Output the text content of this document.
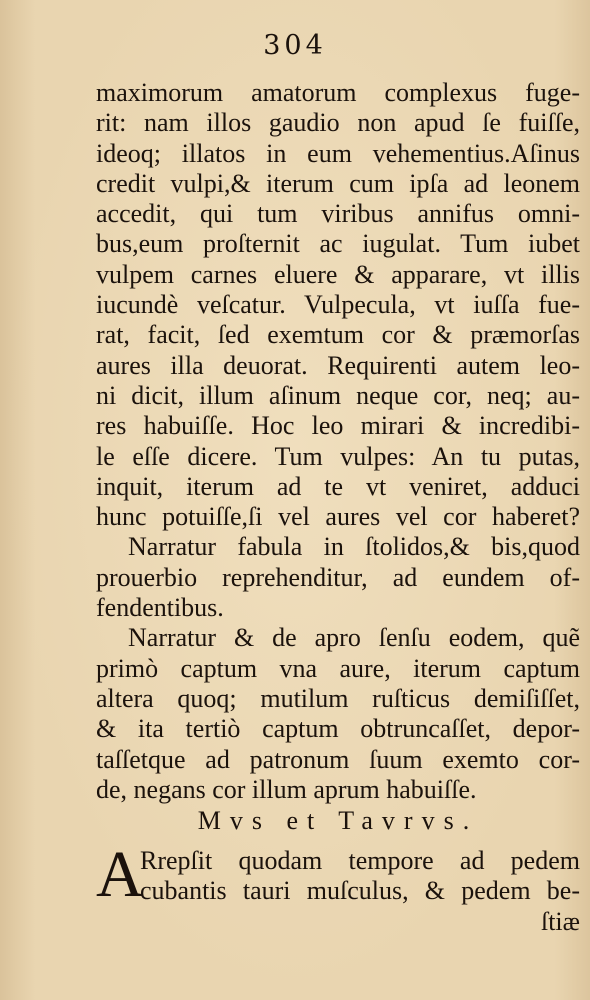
304
maximorum amatorum complexus fuge-
rit: nam illos gaudio non apud ſe fuiſſe,
ideoq; illatos in eum vehementius.Aſinus
credit vulpi,& iterum cum ipſa ad leonem
accedit, qui tum viribus annifus omni-
bus,eum proſternit ac iugulat. Tum iubet
vulpem carnes eluere & apparare, vt illis
iucundè veſcatur. Vulpecula, vt iuſſa fue-
rat, facit, ſed exemtum cor & præmorſas
aures illa deuorat. Requirenti autem leo-
ni dicit, illum aſinum neque cor, neq; au-
res habuiſſe. Hoc leo mirari & incredibi-
le eſſe dicere. Tum vulpes: An tu putas,
inquit, iterum ad te vt veniret, adduci
hunc potuiſſe,ſi vel aures vel cor haberet?
Narratur fabula in ſtolidos,& bis,quod
prouerbio reprehenditur, ad eundem of-
fendentibus.
Narratur & de apro ſenſu eodem, quẽ
primò captum vna aure, iterum captum
altera quoq; mutilum ruſticus demiſiſſet,
& ita tertiò captum obtruncaſſet, depor-
taſſetque ad patronum ſuum exemto cor-
de, negans cor illum aprum habuiſſe.
Mvs et Tavrvs.
A
Rrepſit quodam tempore ad pedem
cubantis tauri muſculus, & pedem be-
ſtiæ
